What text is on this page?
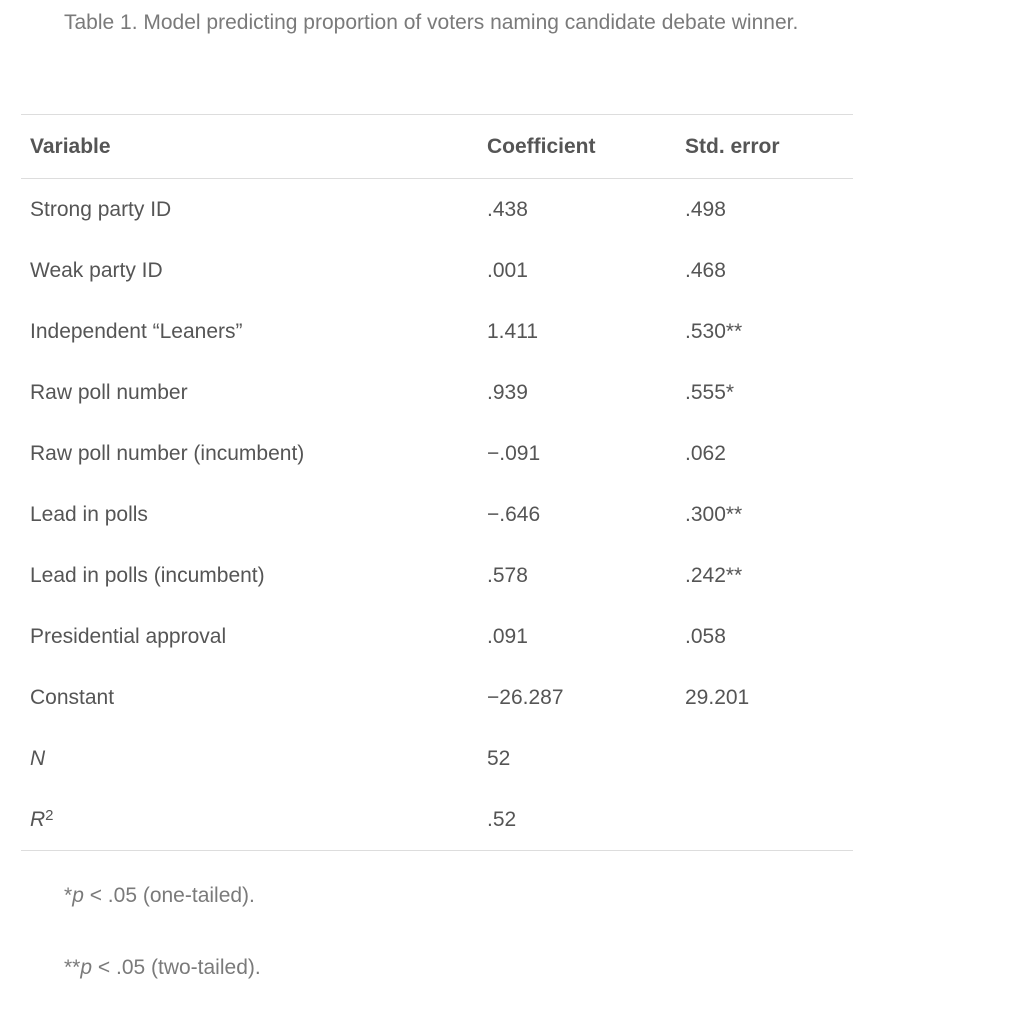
Table 1. Model predicting proportion of voters naming candidate debate winner.
Variable	Coefficient	Std. error
Strong party ID	.438	.498
Weak party ID	.001	.468
Independent “Leaners”	1.411	.530**
Raw poll number	.939	.555*
Raw poll number (incumbent)	−.091	.062
Lead in polls	−.646	.300**
Lead in polls (incumbent)	.578	.242**
Presidential approval	.091	.058
Constant	−26.287	29.201
N	52	
$R^2$	.52	
*p < .05 (one-tailed).
**p < .05 (two-tailed).
